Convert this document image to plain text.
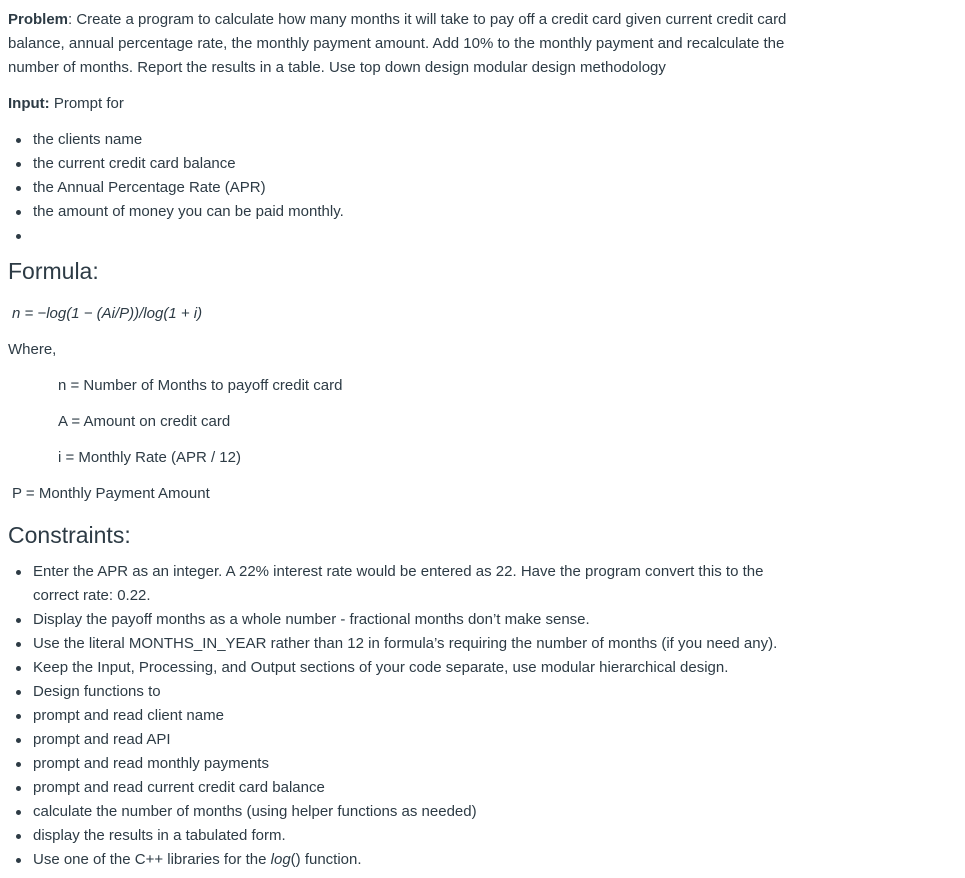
Problem: Create a program to calculate how many months it will take to pay off a credit card given current credit card balance, annual percentage rate, the monthly payment amount. Add 10% to the monthly payment and recalculate the number of months. Report the results in a table. Use top down design modular design methodology

Input: Prompt for

the clients name
the current credit card balance
the Annual Percentage Rate (APR)
the amount of money you can be paid monthly.
Formula:

n = −log(1 − (Ai/P))/log(1 + i)

Where,

n = Number of Months to payoff credit card

A = Amount on credit card

i = Monthly Rate (APR / 12)

P = Monthly Payment Amount

Constraints:
Enter the APR as an integer. A 22% interest rate would be entered as 22. Have the program convert this to the correct rate: 0.22.
Display the payoff months as a whole number - fractional months don’t make sense.
Use the literal MONTHS_IN_YEAR rather than 12 in formula’s requiring the number of months (if you need any).
Keep the Input, Processing, and Output sections of your code separate, use modular hierarchical design.
Design functions to
prompt and read client name
prompt and read API
prompt and read monthly payments
prompt and read current credit card balance
calculate the number of months (using helper functions as needed)
display the results in a tabulated form.
Use one of the C++ libraries for the log() function.
